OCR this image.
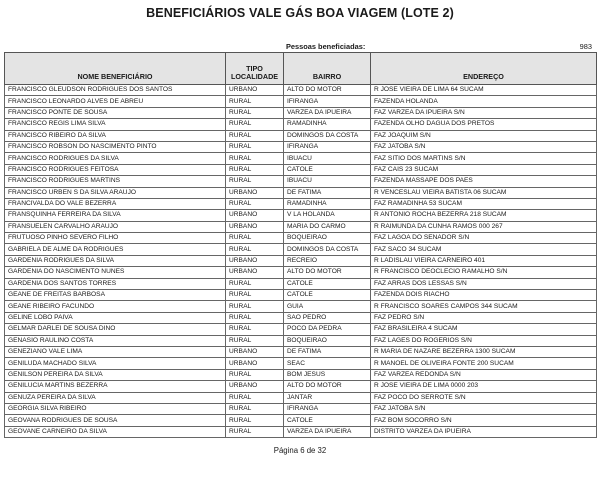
BENEFICIÁRIOS VALE GÁS BOA VIAGEM (LOTE 2)
Pessoas beneficiadas:	983
NOME BENEFICIÁRIO	TIPO LOCALIDADE	BAIRRO	ENDEREÇO
FRANCISCO GLEUDSON RODRIGUES DOS SANTOS	URBANO	ALTO DO MOTOR	R JOSE VIEIRA DE LIMA 64 SUCAM
FRANCISCO LEONARDO ALVES DE ABREU	RURAL	IFIRANGA	FAZENDA HOLANDA
FRANCISCO PONTE DE SOUSA	RURAL	VARZEA DA IPUEIRA	FAZ VARZEA DA IPUEIRA S/N
FRANCISCO REGIS LIMA SILVA	RURAL	RAMADINHA	FAZENDA OLHO DAGUA DOS PRETOS
FRANCISCO RIBEIRO DA SILVA	RURAL	DOMINGOS DA COSTA	FAZ JOAQUIM S/N
FRANCISCO ROBSON DO NASCIMENTO PINTO	RURAL	IFIRANGA	FAZ JATOBA S/N
FRANCISCO RODRIGUES DA SILVA	RURAL	IBUACU	FAZ SITIO DOS MARTINS S/N
FRANCISCO RODRIGUES FEITOSA	RURAL	CATOLE	FAZ CAIS 23 SUCAM
FRANCISCO RODRIGUES MARTINS	RURAL	IBUACU	FAZENDA MASSAPE DOS PAES
FRANCISCO URBEN S DA SILVA ARAUJO	URBANO	DE FATIMA	R VENCESLAU VIEIRA BATISTA 06 SUCAM
FRANCIVALDA DO VALE BEZERRA	RURAL	RAMADINHA	FAZ RAMADINHA 53 SUCAM
FRANSQUINHA FERREIRA DA SILVA	URBANO	V LA HOLANDA	R ANTONIO ROCHA BEZERRA 218 SUCAM
FRANSUELEN CARVALHO ARAUJO	URBANO	MARIA DO CARMO	R RAIMUNDA DA CUNHA RAMOS 000 267
FRUTUOSO PINHO SEVERO FILHO	RURAL	BOQUEIRAO	FAZ LAGOA DO SENADOR S/N
GABRIELA DE ALME DA RODRIGUES	RURAL	DOMINGOS DA COSTA	FAZ SACO 34 SUCAM
GARDENIA RODRIGUES DA SILVA	URBANO	RECREIO	R LADISLAU VIEIRA CARNEIRO 401
GARDENIA DO NASCIMENTO NUNES	URBANO	ALTO DO MOTOR	R FRANCISCO DEOCLECIO RAMALHO S/N
GARDENIA DOS SANTOS TORRES	RURAL	CATOLE	FAZ ARRAS DOS LESSAS S/N
GEANE DE FREITAS BARBOSA	RURAL	CATOLE	FAZENDA DOIS RIACHO
GEANE RIBEIRO FACUNDO	RURAL	GUIA	R FRANCISCO SOARES CAMPOS 344 SUCAM
GELINE LOBO PAIVA	RURAL	SAO PEDRO	FAZ PEDRO S/N
GELMAR DARLEI DE SOUSA DINO	RURAL	POCO DA PEDRA	FAZ BRASILEIRA 4 SUCAM
GENASIO RAULINO COSTA	RURAL	BOQUEIRAO	FAZ LAGES DO ROGERIOS S/N
GENEZIANO VALE LIMA	URBANO	DE FATIMA	R MARIA DE NAZARE BEZERRA 1300 SUCAM
GENILUDA MACHADO SILVA	URBANO	SEAC	R MANOEL DE OLIVEIRA FONTE 200 SUCAM
GENILSON PEREIRA DA SILVA	RURAL	BOM JESUS	FAZ VARZEA REDONDA S/N
GENILUCIA MARTINS BEZERRA	URBANO	ALTO DO MOTOR	R JOSE VIEIRA DE LIMA 0000 203
GENUZA PEREIRA DA SILVA	RURAL	JANTAR	FAZ POCO DO SERROTE S/N
GEORGIA SILVA RIBEIRO	RURAL	IFIRANGA	FAZ JATOBA S/N
GEOVANA RODRIGUES DE SOUSA	RURAL	CATOLE	FAZ BOM SOCORRO S/N
GEOVANE CARNEIRO DA SILVA	RURAL	VARZEA DA IPUEIRA	DISTRITO VARZEA DA IPUEIRA
Página 6 de 32
